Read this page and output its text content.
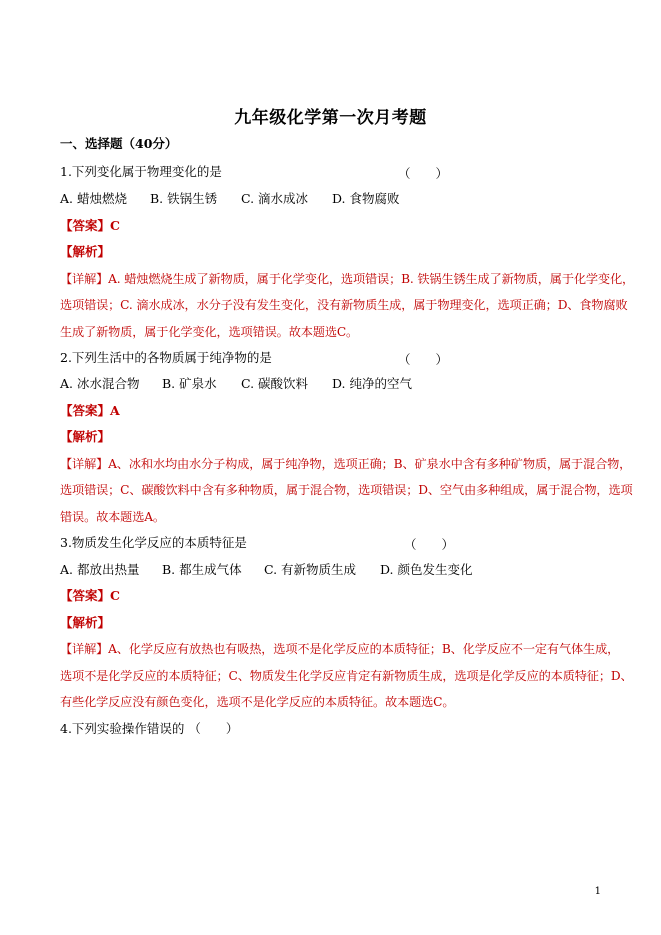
九年级化学第一次月考题
一、选择题（40分）
1.下列变化属于物理变化的是	（　　）
A. 蜡烛燃烧 B. 铁锅生锈 C. 滴水成冰 D. 食物腐败
【答案】C
【解析】
【详解】A. 蜡烛燃烧生成了新物质，属于化学变化，选项错误；B. 铁锅生锈生成了新物质，属于化学变化，
选项错误；C. 滴水成冰，水分子没有发生变化，没有新物质生成，属于物理变化，选项正确；D、食物腐败
生成了新物质，属于化学变化，选项错误。故本题选C。
2.下列生活中的各物质属于纯净物的是	（　　）
A. 冰水混合物 B. 矿泉水 C. 碳酸饮料 D. 纯净的空气
【答案】A
【解析】
【详解】A、冰和水均由水分子构成，属于纯净物，选项正确；B、矿泉水中含有多种矿物质，属于混合物，
选项错误；C、碳酸饮料中含有多种物质，属于混合物，选项错误；D、空气由多种组成，属于混合物，选项
错误。故本题选A。
3.物质发生化学反应的本质特征是	（　　）
A. 都放出热量 B. 都生成气体 C. 有新物质生成 D. 颜色发生变化
【答案】C
【解析】
【详解】A、化学反应有放热也有吸热，选项不是化学反应的本质特征；B、化学反应不一定有气体生成，
选项不是化学反应的本质特征；C、物质发生化学反应肯定有新物质生成，选项是化学反应的本质特征；D、
有些化学反应没有颜色变化，选项不是化学反应的本质特征。故本题选C。
4.下列实验操作错误的 （　　）
1
